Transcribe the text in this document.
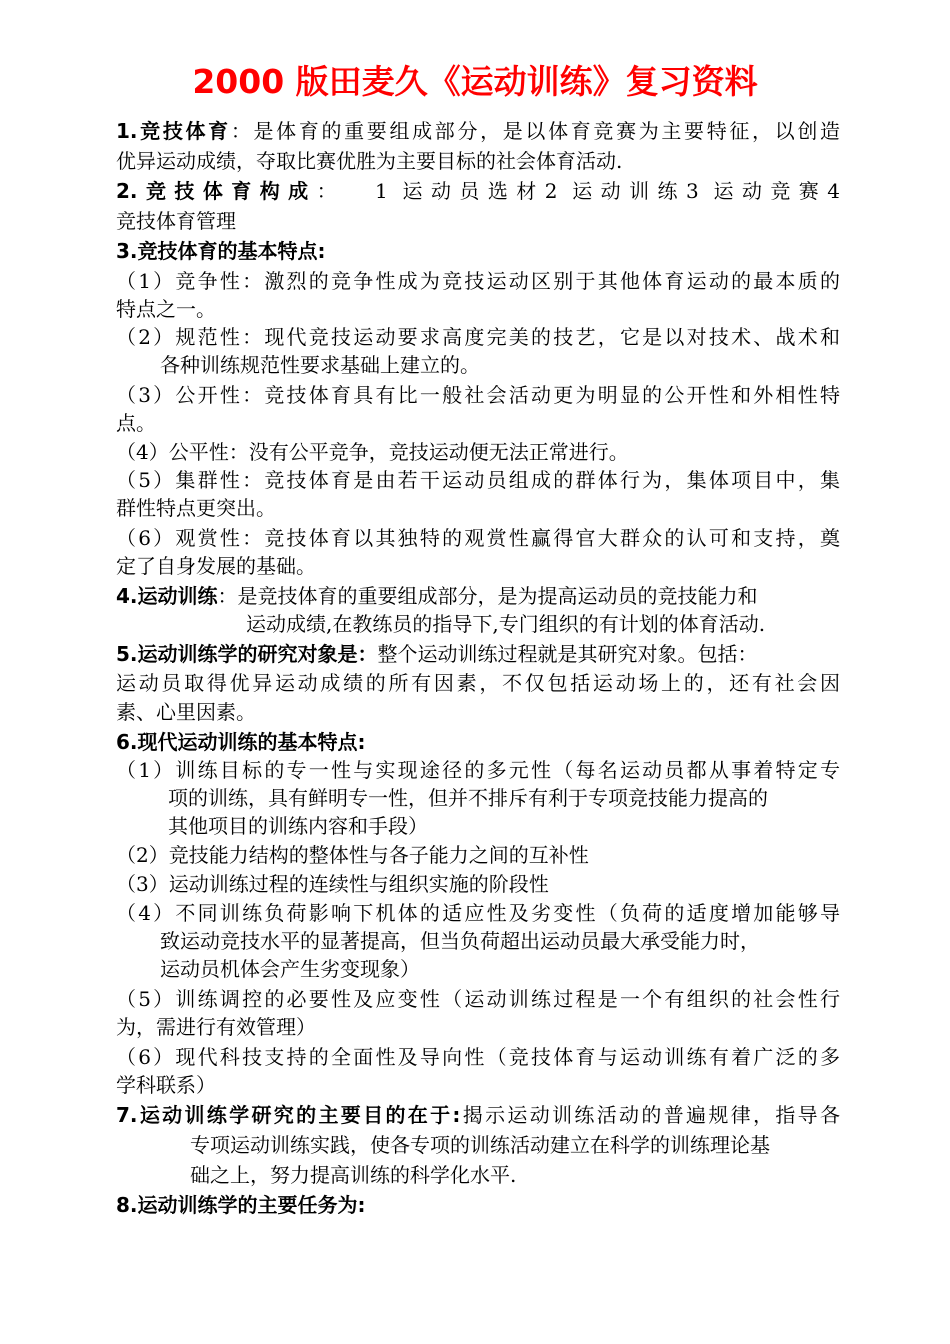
2000 版田麦久《运动训练》复习资料
1.竞技体育：是体育的重要组成部分，是以体育竞赛为主要特征，以创造
优异运动成绩，夺取比赛优胜为主要目标的社会体育活动.
2.竞技体育构成： 1 运动员选材2 运动训练3 运动竞赛4
竞技体育管理
3.竞技体育的基本特点:
（1）竞争性：激烈的竞争性成为竞技运动区别于其他体育运动的最本质的
特点之一。
（2）规范性：现代竞技运动要求高度完美的技艺，它是以对技术、战术和
各种训练规范性要求基础上建立的。
（3）公开性：竞技体育具有比一般社会活动更为明显的公开性和外相性特
点。
（4）公平性：没有公平竞争，竞技运动便无法正常进行。
（5）集群性：竞技体育是由若干运动员组成的群体行为，集体项目中，集
群性特点更突出。
（6）观赏性：竞技体育以其独特的观赏性赢得官大群众的认可和支持，奠
定了自身发展的基础。
4.运动训练：是竞技体育的重要组成部分，是为提高运动员的竞技能力和
运动成绩,在教练员的指导下,专门组织的有计划的体育活动.
5.运动训练学的研究对象是：整个运动训练过程就是其研究对象。包括：
运动员取得优异运动成绩的所有因素，不仅包括运动场上的，还有社会因
素、心里因素。
6.现代运动训练的基本特点:
（1）训练目标的专一性与实现途径的多元性（每名运动员都从事着特定专
项的训练，具有鲜明专一性，但并不排斥有利于专项竞技能力提高的
其他项目的训练内容和手段）
（2）竞技能力结构的整体性与各子能力之间的互补性
（3）运动训练过程的连续性与组织实施的阶段性
（4）不同训练负荷影响下机体的适应性及劣变性（负荷的适度增加能够导
致运动竞技水平的显著提高，但当负荷超出运动员最大承受能力时，
运动员机体会产生劣变现象）
（5）训练调控的必要性及应变性（运动训练过程是一个有组织的社会性行
为，需进行有效管理）
（6）现代科技支持的全面性及导向性（竞技体育与运动训练有着广泛的多
学科联系）
7.运动训练学研究的主要目的在于:揭示运动训练活动的普遍规律，指导各
专项运动训练实践，使各专项的训练活动建立在科学的训练理论基
础之上，努力提高训练的科学化水平.
8.运动训练学的主要任务为:
